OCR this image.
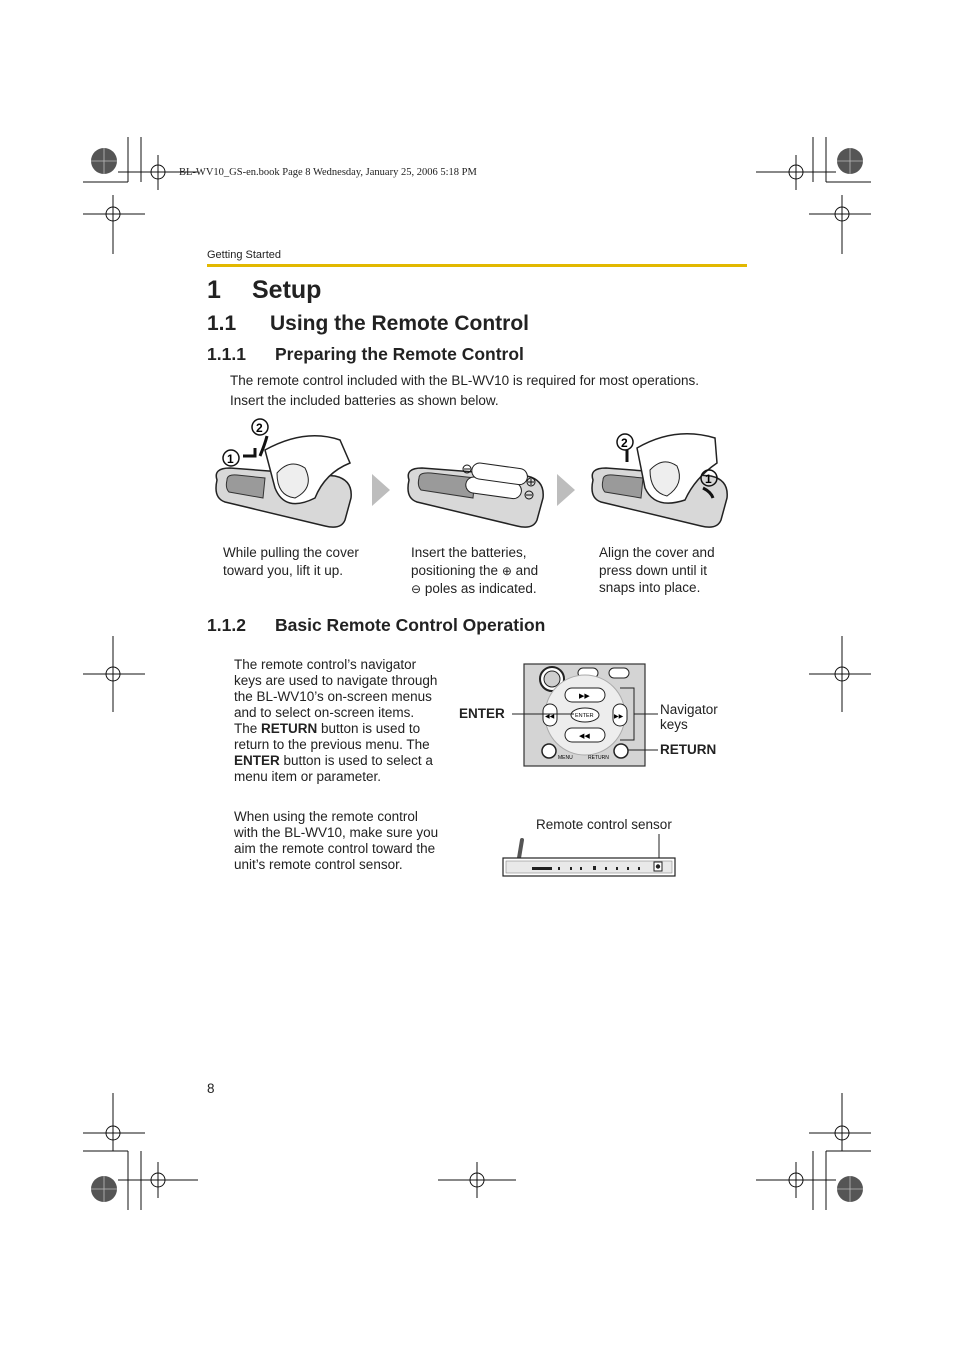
BL-WV10_GS-en.book Page 8 Wednesday, January 25, 2006 5:18 PM
Getting Started
1 Setup
1.1 Using the Remote Control
1.1.1 Preparing the Remote Control
The remote control included with the BL-WV10 is required for most operations.
Insert the included batteries as shown below.
1
2
2
1
While pulling the cover
toward you, lift it up.
Insert the batteries,
positioning the ⊕ and
⊖ poles as indicated.
Align the cover and
press down until it
snaps into place.
1.1.2 Basic Remote Control Operation
The remote control’s navigator keys are used to navigate through the BL-WV10’s on-screen menus and to select on-screen items. The RETURN button is used to return to the previous menu. The ENTER button is used to select a menu item or parameter.
When using the remote control with the BL-WV10, make sure you aim the remote control toward the unit’s remote control sensor.
▶▶
◀◀
◀◀	▶▶
ENTER
MENU	RETURN
ENTER	Navigator
keys
RETURN
Remote control sensor
8
